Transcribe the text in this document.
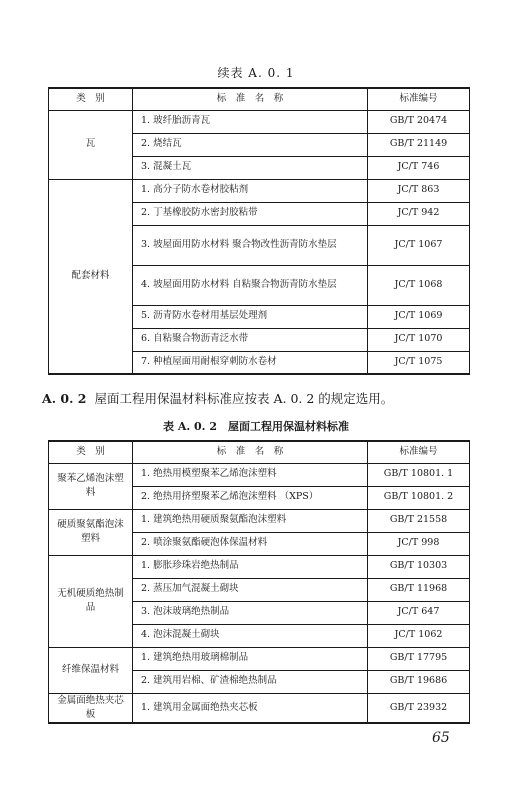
续表 A. 0. 1
类　别	标　准　名　称	标准编号
瓦	1. 玻纤胎沥青瓦	GB/T 20474
	2. 烧结瓦	GB/T 21149
	3. 混凝土瓦	JC/T 746
配套材料	1. 高分子防水卷材胶粘剂	JC/T 863
	2. 丁基橡胶防水密封胶粘带	JC/T 942
	3. 坡屋面用防水材料 聚合物改性沥青防水垫层	JC/T 1067
	4. 坡屋面用防水材料 自粘聚合物沥青防水垫层	JC/T 1068
	5. 沥青防水卷材用基层处理剂	JC/T 1069
	6. 自粘聚合物沥青泛水带	JC/T 1070
	7. 种植屋面用耐根穿刺防水卷材	JC/T 1075
A. 0. 2 屋面工程用保温材料标准应按表 A. 0. 2 的规定选用。
表 A. 0. 2　屋面工程用保温材料标准
类　别	标　准　名　称	标准编号
聚苯乙烯泡沫塑料	1. 绝热用模塑聚苯乙烯泡沫塑料	GB/T 10801. 1
	2. 绝热用挤塑聚苯乙烯泡沫塑料 （XPS）	GB/T 10801. 2
硬质聚氨酯泡沫塑料	1. 建筑绝热用硬质聚氨酯泡沫塑料	GB/T 21558
	2. 喷涂聚氨酯硬泡体保温材料	JC/T 998
无机硬质绝热制品	1. 膨胀珍珠岩绝热制品	GB/T 10303
	2. 蒸压加气混凝土砌块	GB/T 11968
	3. 泡沫玻璃绝热制品	JC/T 647
	4. 泡沫混凝土砌块	JC/T 1062
纤维保温材料	1. 建筑绝热用玻璃棉制品	GB/T 17795
	2. 建筑用岩棉、矿渣棉绝热制品	GB/T 19686
金属面绝热夹芯板	1. 建筑用金属面绝热夹芯板	GB/T 23932
65
